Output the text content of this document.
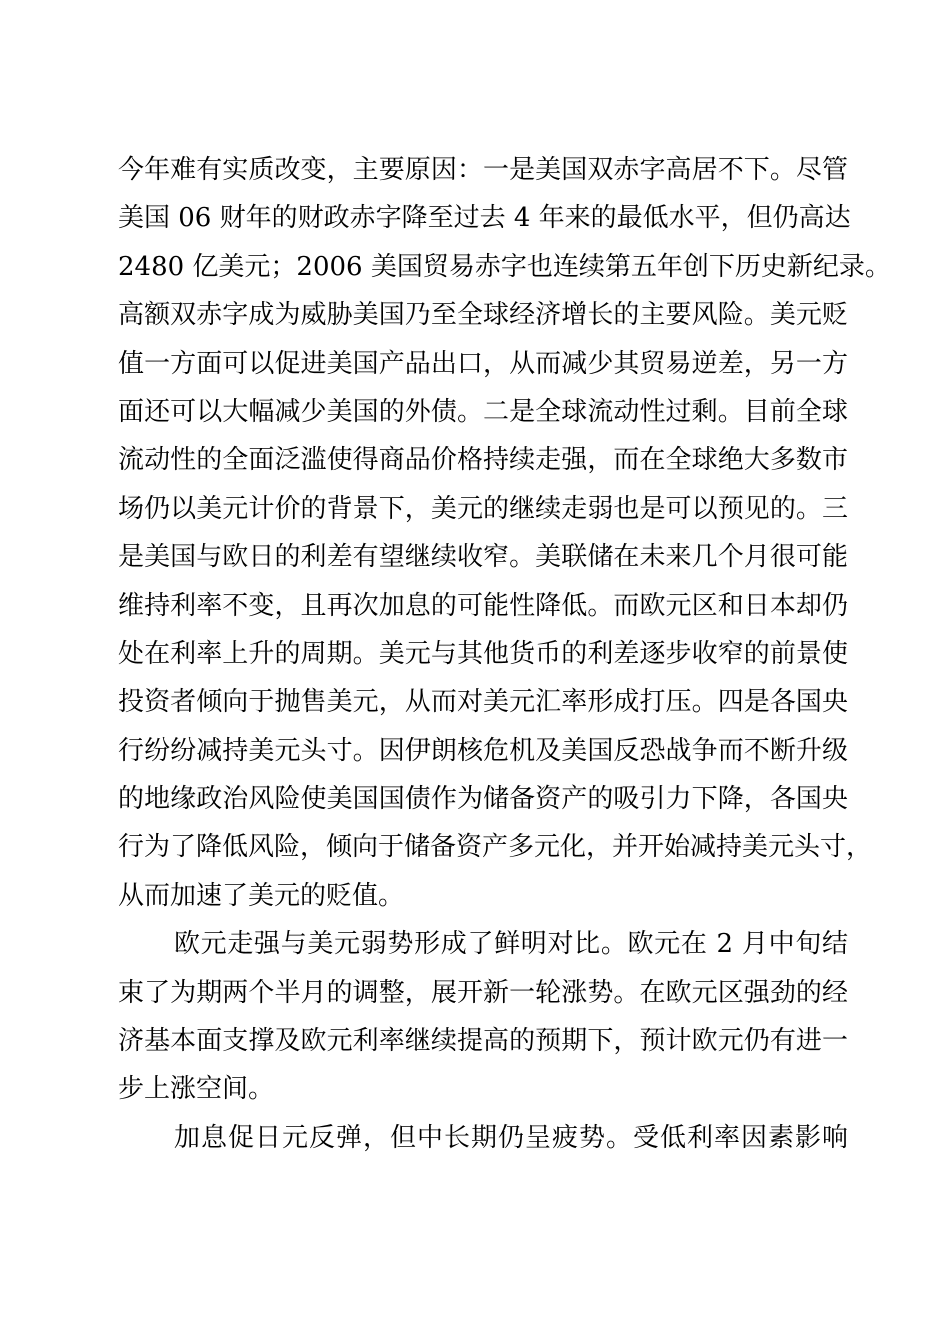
今年难有实质改变，主要原因：一是美国双赤字高居不下。尽管
美国 06 财年的财政赤字降至过去 4 年来的最低水平，但仍高达
2480 亿美元；2006 美国贸易赤字也连续第五年创下历史新纪录。
高额双赤字成为威胁美国乃至全球经济增长的主要风险。美元贬
值一方面可以促进美国产品出口，从而减少其贸易逆差，另一方
面还可以大幅减少美国的外债。二是全球流动性过剩。目前全球
流动性的全面泛滥使得商品价格持续走强，而在全球绝大多数市
场仍以美元计价的背景下，美元的继续走弱也是可以预见的。三
是美国与欧日的利差有望继续收窄。美联储在未来几个月很可能
维持利率不变，且再次加息的可能性降低。而欧元区和日本却仍
处在利率上升的周期。美元与其他货币的利差逐步收窄的前景使
投资者倾向于抛售美元，从而对美元汇率形成打压。四是各国央
行纷纷减持美元头寸。因伊朗核危机及美国反恐战争而不断升级
的地缘政治风险使美国国债作为储备资产的吸引力下降，各国央
行为了降低风险，倾向于储备资产多元化，并开始减持美元头寸，
从而加速了美元的贬值。
欧元走强与美元弱势形成了鲜明对比。欧元在 2 月中旬结
束了为期两个半月的调整，展开新一轮涨势。在欧元区强劲的经
济基本面支撑及欧元利率继续提高的预期下，预计欧元仍有进一
步上涨空间。
加息促日元反弹，但中长期仍呈疲势。受低利率因素影响
